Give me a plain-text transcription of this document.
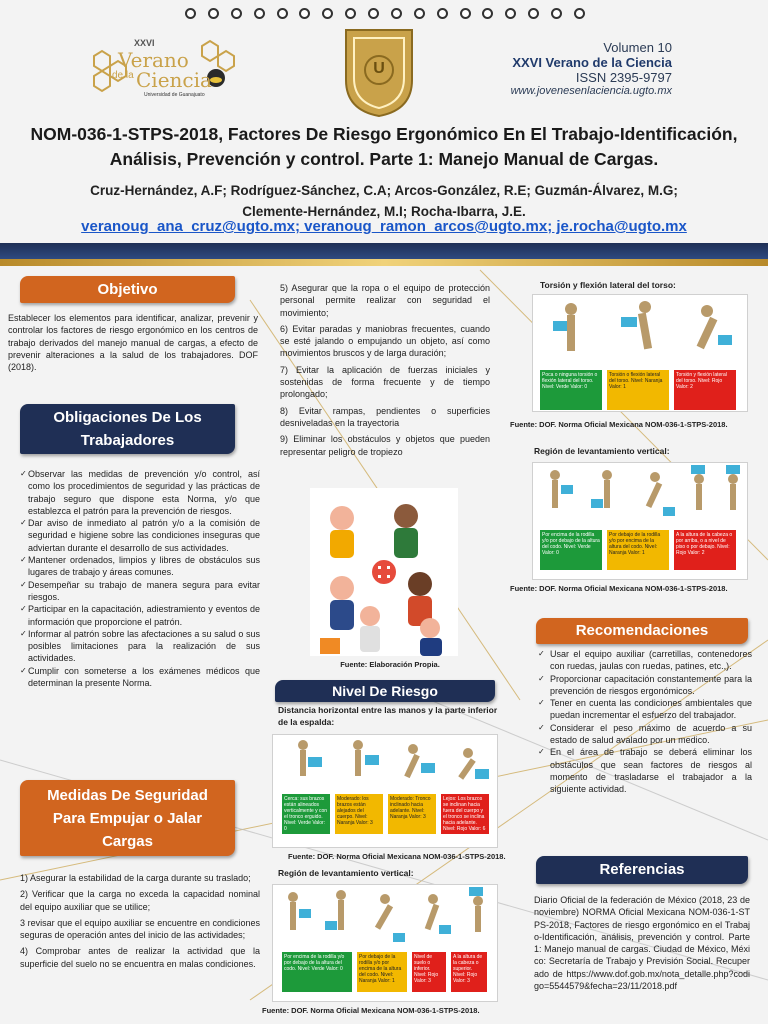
XXVI
Verano
de la Ciencia
Universidad de Guanajuato
U
Volumen 10
XXVI Verano de la Ciencia
ISSN 2395-9797
www.jovenesenlaciencia.ugto.mx
NOM-036-1-STPS-2018, Factores De Riesgo Ergonómico En El Trabajo-Identificación, Análisis, Prevención y control. Parte 1: Manejo Manual de Cargas.
Cruz-Hernández, A.F; Rodríguez-Sánchez, C.A; Arcos-González, R.E; Guzmán-Álvarez, M.G;
Clemente-Hernández, M.I; Rocha-Ibarra, J.E.
veranoug_ana_cruz@ugto.mx; veranoug_ramon_arcos@ugto.mx; je.rocha@ugto.mx
Objetivo
Establecer los elementos para identificar, analizar, prevenir y controlar los factores de riesgo ergonómico en los centros de trabajo derivados del manejo manual de cargas, a efecto de prevenir alteraciones a la salud de los trabajadores. DOF (2018).
Obligaciones De Los
Trabajadores
✓ Observar las medidas de prevención y/o control, así como los procedimientos de seguridad y las prácticas de trabajo seguro que dispone esta Norma, y/o que establezca el patrón para la prevención de riesgos.
✓ Dar aviso de inmediato al patrón y/o a la comisión de seguridad e higiene sobre las condiciones inseguras que adviertan durante el desarrollo de sus actividades.
✓ Mantener ordenados, limpios y libres de obstáculos sus lugares de trabajo y áreas comunes.
✓ Desempeñar su trabajo de manera segura para evitar riesgos.
✓ Participar en la capacitación, adiestramiento y eventos de información que proporcione el patrón.
✓ Informar al patrón sobre las afectaciones a su salud o sus posibles limitaciones para la realización de sus actividades.
✓ Cumplir con someterse a los exámenes médicos que determinan la presente Norma.
Medidas De Seguridad
Para Empujar o Jalar
Cargas

1) Asegurar la estabilidad de la carga durante su traslado;

2) Verificar que la carga no exceda la capacidad nominal del equipo auxiliar que se utilice;

3 revisar que el equipo auxiliar se encuentre en condiciones seguras de operación antes del inicio de las actividades;

4) Comprobar antes de realizar la actividad que la superficie del suelo no se encuentra en malas condiciones.

5) Asegurar que la ropa o el equipo de protección personal permite realizar con seguridad el movimiento;

6) Evitar paradas y maniobras frecuentes, cuando se esté jalando o empujando un objeto, así como movimientos bruscos y de larga duración;

7) Evitar la aplicación de fuerzas iniciales y sostenidas de forma frecuente y de tiempo prolongado;

8) Evitar rampas, pendientes o superficies desniveladas en la trayectoria

9) Eliminar los obstáculos y objetos que pueden representar peligro de tropiezo

Fuente: Elaboración Propia.
Nivel De Riesgo
Distancia horizontal entre las manos y la parte inferior de la espalda:
Cerca: sus brazos están alineados verticalmente y con el tronco erguido. Nivel: Verde Valor: 0
Moderado: los brazos están alejados del cuerpo. Nivel: Naranja Valor: 3
Moderado: Tronco inclinado hacia adelante. Nivel: Naranja Valor: 3
Lejos: Los brazos se inclinan hacia fuera del cuerpo y el tronco se inclina hacia adelante. Nivel: Rojo Valor: 6
Fuente: DOF. Norma Oficial Mexicana NOM-036-1-STPS-2018.
Región de levantamiento vertical:
Por encima de la rodilla y/o por debajo de la altura del codo. Nivel: Verde Valor: 0
Por debajo de la rodilla y/o por encima de la altura del codo. Nivel: Naranja Valor: 1
Nivel de suelo o inferior. Nivel: Rojo Valor: 3
A la altura de la cabeza o superior. Nivel: Rojo Valor: 3
Fuente: DOF. Norma Oficial Mexicana NOM-036-1-STPS-2018.
Torsión y flexión lateral del torso:
Poca o ninguna torsión o flexión lateral del torso. Nivel: Verde Valor: 0
Torsión o flexión lateral del torso. Nivel: Naranja Valor: 1
Torsión y flexión lateral del torso. Nivel: Rojo Valor: 2
Fuente: DOF. Norma Oficial Mexicana NOM-036-1-STPS-2018.
Región de levantamiento vertical:
Por encima de la rodilla y/o por debajo de la altura del codo. Nivel: Verde Valor: 0
Por debajo de la rodilla y/o por encima de la altura del codo. Nivel: Naranja Valor: 1
A la altura de la cabeza o por arriba, o a nivel de piso o por debajo. Nivel: Rojo Valor: 2
Fuente: DOF. Norma Oficial Mexicana NOM-036-1-STPS-2018.
Recomendaciones
✓ Usar el equipo auxiliar (carretillas, contenedores con ruedas, jaulas con ruedas, patines, etc.,).
✓ Proporcionar capacitación constantemente para la prevención de riesgos ergonómicos.
✓ Tener en cuenta las condiciones ambientales que puedan incrementar el esfuerzo del trabajador.
✓ Considerar el peso máximo de acuerdo a su estado de salud avalado por un medico.
✓ En el área de trabajo se deberá eliminar los obstáculos que sean factores de riesgos al momento de trasladarse el trabajador a la siguiente actividad.
Referencias
Diario Oficial de la federación de México (2018, 23 de noviembre) NORMA Oficial Mexicana NOM-036-1-STPS-2018, Factores de riesgo ergonómico en el Trabajo-Identificación, análisis, prevención y control. Parte 1: Manejo manual de cargas. Ciudad de México, México: Secretaría de Trabajo y Previsión Social. Recuperado de https://www.dof.gob.mx/nota_detalle.php?codigo=5544579&fecha=23/11/2018.pdf
